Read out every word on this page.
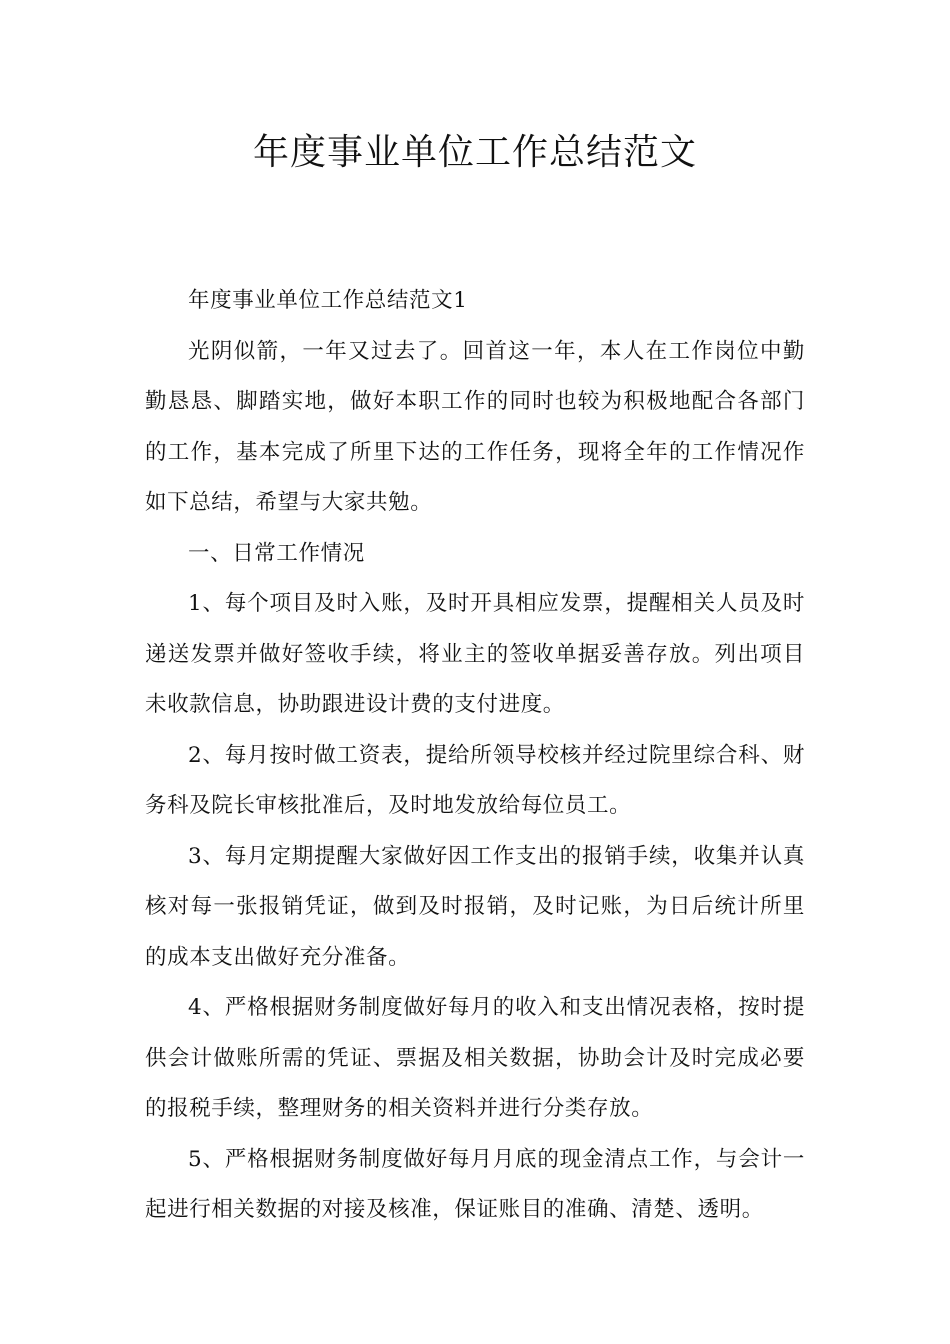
年度事业单位工作总结范文

年度事业单位工作总结范文1

光阴似箭，一年又过去了。回首这一年，本人在工作岗位中勤勤恳恳、脚踏实地，做好本职工作的同时也较为积极地配合各部门的工作，基本完成了所里下达的工作任务，现将全年的工作情况作如下总结，希望与大家共勉。

一、日常工作情况

1、每个项目及时入账，及时开具相应发票，提醒相关人员及时递送发票并做好签收手续，将业主的签收单据妥善存放。列出项目未收款信息，协助跟进设计费的支付进度。

2、每月按时做工资表，提给所领导校核并经过院里综合科、财务科及院长审核批准后，及时地发放给每位员工。

3、每月定期提醒大家做好因工作支出的报销手续，收集并认真核对每一张报销凭证，做到及时报销，及时记账，为日后统计所里的成本支出做好充分准备。

4、严格根据财务制度做好每月的收入和支出情况表格，按时提供会计做账所需的凭证、票据及相关数据，协助会计及时完成必要的报税手续，整理财务的相关资料并进行分类存放。

5、严格根据财务制度做好每月月底的现金清点工作，与会计一起进行相关数据的对接及核准，保证账目的准确、清楚、透明。
